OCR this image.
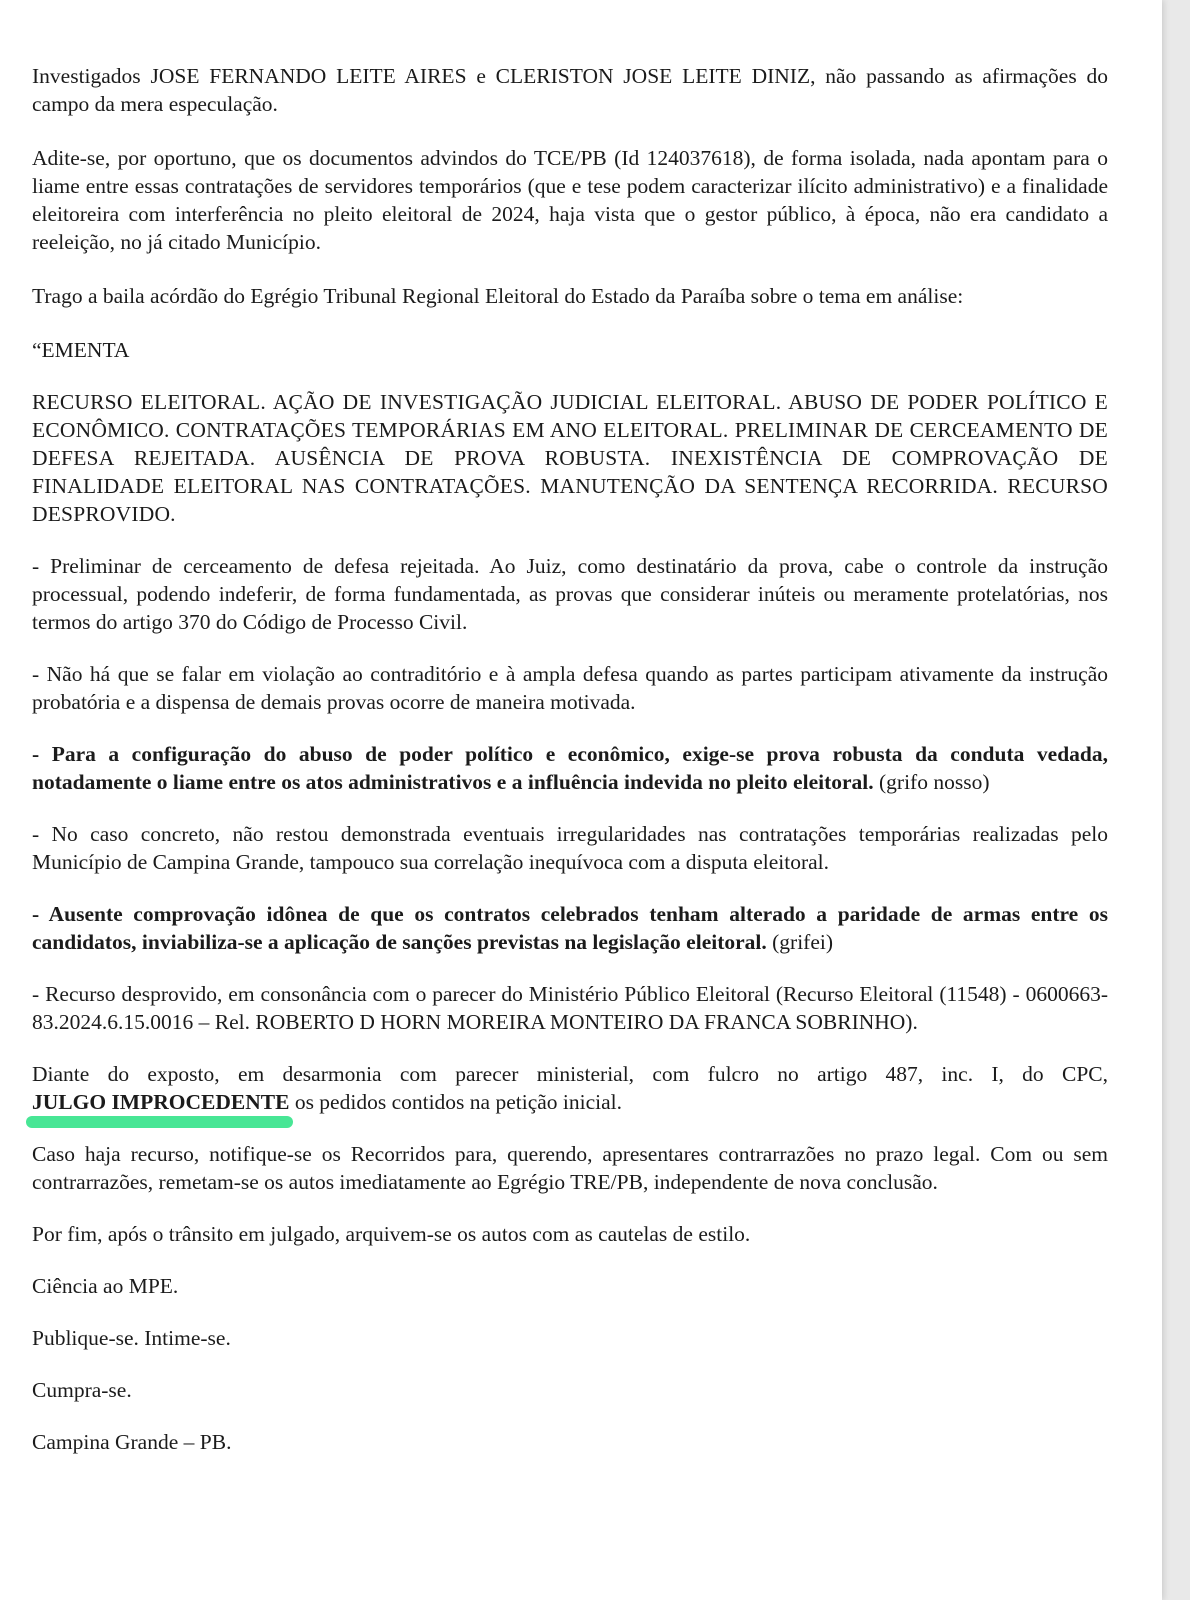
Investigados JOSE FERNANDO LEITE AIRES e CLERISTON JOSE LEITE DINIZ, não passando as afirmações do campo da mera especulação.

Adite-se, por oportuno, que os documentos advindos do TCE/PB (Id 124037618), de forma isolada, nada apontam para o liame entre essas contratações de servidores temporários (que e tese podem caracterizar ilícito administrativo) e a finalidade eleitoreira com interferência no pleito eleitoral de 2024, haja vista que o gestor público, à época, não era candidato a reeleição, no já citado Município.

Trago a baila acórdão do Egrégio Tribunal Regional Eleitoral do Estado da Paraíba sobre o tema em análise:

“EMENTA

RECURSO ELEITORAL. AÇÃO DE INVESTIGAÇÃO JUDICIAL ELEITORAL. ABUSO DE PODER POLÍTICO E ECONÔMICO. CONTRATAÇÕES TEMPORÁRIAS EM ANO ELEITORAL. PRELIMINAR DE CERCEAMENTO DE DEFESA REJEITADA. AUSÊNCIA DE PROVA ROBUSTA. INEXISTÊNCIA DE COMPROVAÇÃO DE FINALIDADE ELEITORAL NAS CONTRATAÇÕES. MANUTENÇÃO DA SENTENÇA RECORRIDA. RECURSO DESPROVIDO.

- Preliminar de cerceamento de defesa rejeitada. Ao Juiz, como destinatário da prova, cabe o controle da instrução processual, podendo indeferir, de forma fundamentada, as provas que considerar inúteis ou meramente protelatórias, nos termos do artigo 370 do Código de Processo Civil.

- Não há que se falar em violação ao contraditório e à ampla defesa quando as partes participam ativamente da instrução probatória e a dispensa de demais provas ocorre de maneira motivada.

- Para a configuração do abuso de poder político e econômico, exige-se prova robusta da conduta vedada, notadamente o liame entre os atos administrativos e a influência indevida no pleito eleitoral. (grifo nosso)

- No caso concreto, não restou demonstrada eventuais irregularidades nas contratações temporárias realizadas pelo Município de Campina Grande, tampouco sua correlação inequívoca com a disputa eleitoral.

- Ausente comprovação idônea de que os contratos celebrados tenham alterado a paridade de armas entre os candidatos, inviabiliza-se a aplicação de sanções previstas na legislação eleitoral. (grifei)

- Recurso desprovido, em consonância com o parecer do Ministério Público Eleitoral (Recurso Eleitoral (11548) - 0600663-83.2024.6.15.0016 – Rel. ROBERTO D HORN MOREIRA MONTEIRO DA FRANCA SOBRINHO).

Diante do exposto, em desarmonia com parecer ministerial, com fulcro no artigo 487, inc. I, do CPC,
JULGO IMPROCEDENTE os pedidos contidos na petição inicial.

Caso haja recurso, notifique-se os Recorridos para, querendo, apresentares contrarrazões no prazo legal. Com ou sem contrarrazões, remetam-se os autos imediatamente ao Egrégio TRE/PB, independente de nova conclusão.

Por fim, após o trânsito em julgado, arquivem-se os autos com as cautelas de estilo.

Ciência ao MPE.

Publique-se. Intime-se.

Cumpra-se.

Campina Grande – PB.
